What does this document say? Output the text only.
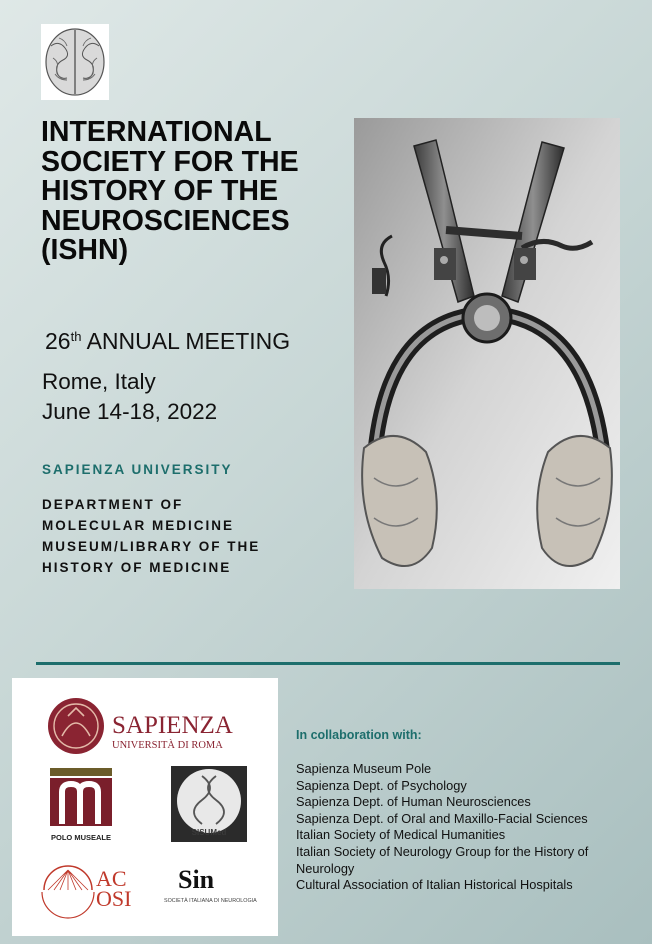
INTERNATIONAL SOCIETY FOR THE HISTORY OF THE NEUROSCIENCES (ISHN)
26th ANNUAL MEETING
Rome, Italy
June 14-18, 2022
SAPIENZA UNIVERSITY
DEPARTMENT OF
MOLECULAR MEDICINE
MUSEUM/LIBRARY OF THE
HISTORY OF MEDICINE
SAPIENZA
UNIVERSITÀ DI ROMA
POLO MUSEALE
SISUMed
AC
OSI
Sin
SOCIETÀ ITALIANA DI NEUROLOGIA
In collaboration with:
Sapienza Museum Pole
Sapienza Dept. of Psychology
Sapienza Dept. of Human Neurosciences
Sapienza Dept. of Oral and Maxillo-Facial Sciences
Italian Society of Medical Humanities
Italian Society of Neurology Group for the History of Neurology
Cultural Association of Italian Historical Hospitals
